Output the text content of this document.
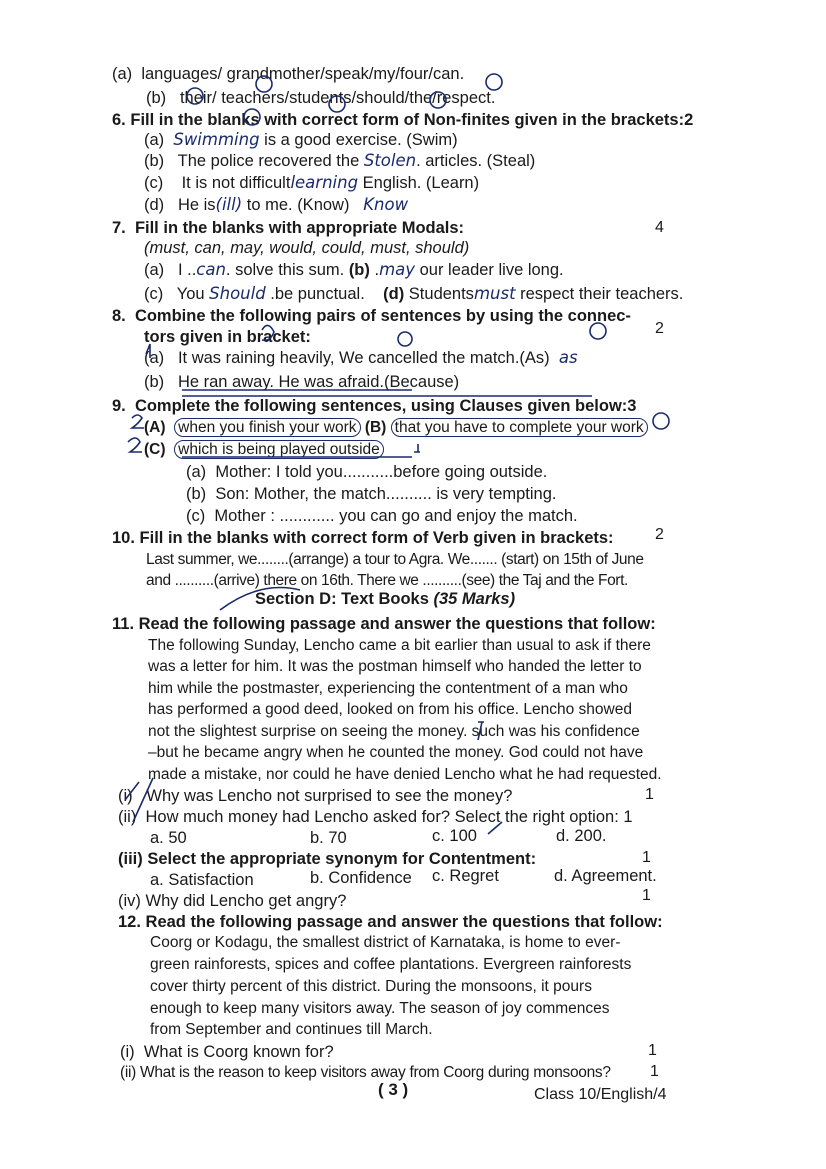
(a) languages/ grandmother/speak/my/four/can.
(b) their/ teachers/students/should/the/respect.
6. Fill in the blanks with correct form of Non-finites given in the brackets:2
(a) Swimming is a good exercise. (Swim)
(b) The police recovered the Stolen. articles. (Steal)
(c) It is not difficultlearning English. (Learn)
(d) He is(ill) to me. (Know) Know
7. Fill in the blanks with appropriate Modals:	4
(must, can, may, would, could, must, should)
(a) I ..can. solve this sum. (b) .may our leader live long.
(c) You Should .be punctual. (d) Studentsmust respect their teachers.
8. Combine the following pairs of sentences by using the connec-
tors given in bracket:	2
(a) It was raining heavily, We cancelled the match.(As) as
(b) He ran away. He was afraid.(Because)
9. Complete the following sentences, using Clauses given below:3
(A) when you finish your work (B) that you have to complete your work
(C) which is being played outside
(a) Mother: I told you...........before going outside.
(b) Son: Mother, the match.......... is very tempting.
(c) Mother : ............ you can go and enjoy the match.
10. Fill in the blanks with correct form of Verb given in brackets:	2
Last summer, we........(arrange) a tour to Agra. We....... (start) on 15th of June
and ..........(arrive) there on 16th. There we ..........(see) the Taj and the Fort.
Section D: Text Books (35 Marks)
11. Read the following passage and answer the questions that follow:
The following Sunday, Lencho came a bit earlier than usual to ask if there
was a letter for him. It was the postman himself who handed the letter to
him while the postmaster, experiencing the contentment of a man who
has performed a good deed, looked on from his office. Lencho showed
not the slightest surprise on seeing the money. such was his confidence
–but he became angry when he counted the money. God could not have
made a mistake, nor could he have denied Lencho what he had requested.
(i) Why was Lencho not surprised to see the money?	1
(ii) How much money had Lencho asked for? Select the right option: 1
a. 50	b. 70	c. 100	d. 200.
(iii) Select the appropriate synonym for Contentment:	1
a. Satisfaction	b. Confidence c. Regret	d. Agreement.
(iv) Why did Lencho get angry?	1
12. Read the following passage and answer the questions that follow:
Coorg or Kodagu, the smallest district of Karnataka, is home to ever-
green rainforests, spices and coffee plantations. Evergreen rainforests
cover thirty percent of this district. During the monsoons, it pours
enough to keep many visitors away. The season of joy commences
from September and continues till March.
(i) What is Coorg known for?	1
(ii) What is the reason to keep visitors away from Coorg during monsoons? 1
( 3 )	Class 10/English/4
